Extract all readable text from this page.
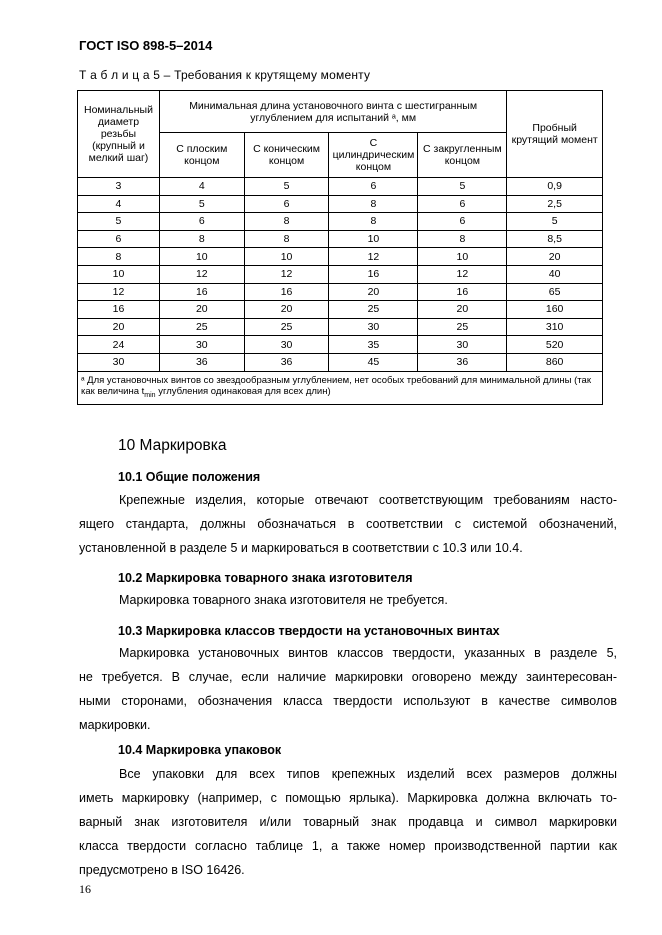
ГОСТ ISO 898-5–2014
Т а б л и ц а 5 – Требования к крутящему моменту
Номинальный диаметр резьбы (крупный и мелкий шаг)	Минимальная длина установочного винта с шестигранным углублением для испытаний ᵃ, мм				Пробный крутящий момент
	С плоским концом	С коническим концом	С цилиндрическим концом	С закругленным концом	
3	4	5	6	5	0,9
4	5	6	8	6	2,5
5	6	8	8	6	5
6	8	8	10	8	8,5
8	10	10	12	10	20
10	12	12	16	12	40
12	16	16	20	16	65
16	20	20	25	20	160
20	25	25	30	25	310
24	30	30	35	30	520
30	36	36	45	36	860
ᵃ Для установочных винтов со звездообразным углублением, нет особых требований для минимальной длины (так как величина $t_{min}$ углубления одинаковая для всех длин)					
10 Маркировка
10.1 Общие положения
Крепежные изделия, которые отвечают соответствующим требованиям насто-
ящего стандарта, должны обозначаться в соответствии с системой обозначений,
установленной в разделе 5 и маркироваться в соответствии с 10.3 или 10.4.
10.2 Маркировка товарного знака изготовителя
Маркировка товарного знака изготовителя не требуется.
10.3 Маркировка классов твердости на установочных винтах
Маркировка установочных винтов классов твердости, указанных в разделе 5,
не требуется. В случае, если наличие маркировки оговорено между заинтересован-
ными сторонами, обозначения класса твердости используют в качестве символов
маркировки.
10.4 Маркировка упаковок
Все упаковки для всех типов крепежных изделий всех размеров должны
иметь маркировку (например, с помощью ярлыка). Маркировка должна включать то-
варный знак изготовителя и/или товарный знак продавца и символ маркировки
класса твердости согласно таблице 1, а также номер производственной партии как
предусмотрено в ISO 16426.
16
